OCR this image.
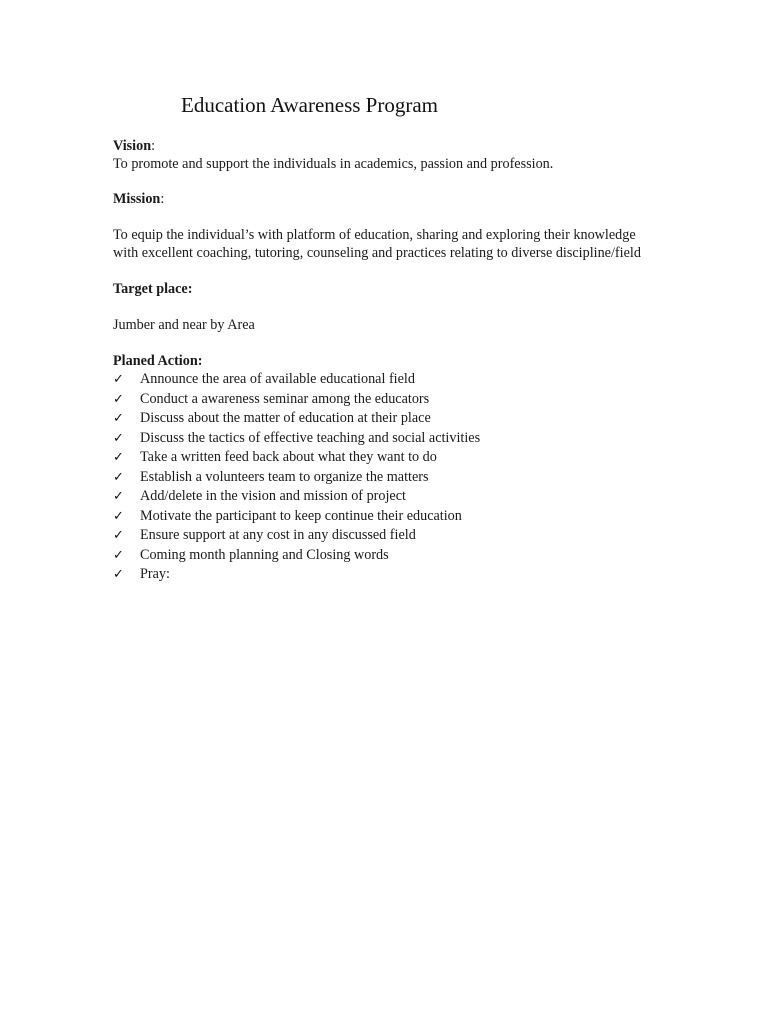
Education Awareness Program

Vision:

To promote and support the individuals in academics, passion and profession.

Mission:

To equip the individual’s with platform of education, sharing and exploring their knowledge with excellent coaching, tutoring, counseling and practices relating to diverse discipline/field

Target place:

Jumber and near by Area

Planed Action:

✓	Announce the area of available educational field
✓	Conduct a awareness seminar among the educators
✓	Discuss about the matter of education at their place
✓	Discuss the tactics of effective teaching and social activities
✓	Take a written feed back about what they want to do
✓	Establish a volunteers team to organize the matters
✓	Add/delete in the vision and mission of project
✓	Motivate the participant to keep continue their education
✓	Ensure support at any cost in any discussed field
✓	Coming month planning and Closing words
✓	Pray:
